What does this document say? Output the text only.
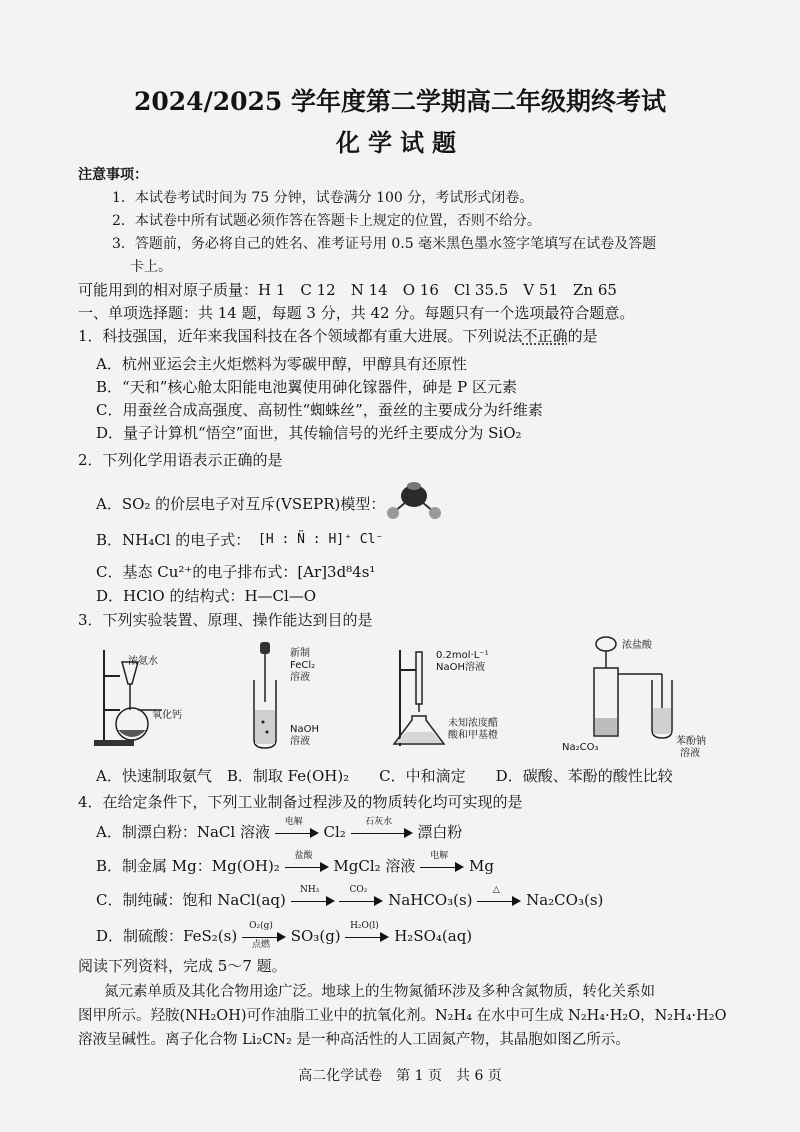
2024/2025 学年度第二学期高二年级期终考试
化学试题
注意事项：
1．本试卷考试时间为 75 分钟，试卷满分 100 分，考试形式闭卷。
2．本试卷中所有试题必须作答在答题卡上规定的位置，否则不给分。
3．答题前，务必将自己的姓名、准考证号用 0.5 毫米黑色墨水签字笔填写在试卷及答题
卡上。
可能用到的相对原子质量：H 1　C 12　N 14　O 16　Cl 35.5　V 51　Zn 65
一、单项选择题：共 14 题，每题 3 分，共 42 分。每题只有一个选项最符合题意。
1．科技强国，近年来我国科技在各个领域都有重大进展。下列说法不正确的是
A．杭州亚运会主火炬燃料为零碳甲醇，甲醇具有还原性
B．“天和”核心舱太阳能电池翼使用砷化镓器件，砷是 P 区元素
C．用蚕丝合成高强度、高韧性“蜘蛛丝”，蚕丝的主要成分为纤维素
D．量子计算机“悟空”面世，其传输信号的光纤主要成分为 SiO₂
2．下列化学用语表示正确的是
A．SO₂ 的价层电子对互斥(VSEPR)模型：
B．NH₄Cl 的电子式： [H : N̈ : H]⁺ Cl⁻
C．基态 Cu²⁺的电子排布式：[Ar]3d⁸4s¹
D．HClO 的结构式：H—Cl—O
3．下列实验装置、原理、操作能达到目的是
浓氨水
氧化钙
新制
FeCl₂
溶液
NaOH
溶液
0.2mol·L⁻¹
NaOH溶液
未知浓度醋
酸和甲基橙
浓盐酸
Na₂CO₃
苯酚钠
溶液
A．快速制取氨气　B．制取 Fe(OH)₂　　C．中和滴定　　D．碳酸、苯酚的酸性比较
4．在给定条件下，下列工业制备过程涉及的物质转化均可实现的是
A．制漂白粉：NaCl 溶液
电解
Cl₂
石灰水
漂白粉
B．制金属 Mg：Mg(OH)₂
盐酸
MgCl₂ 溶液
电解
Mg
C．制纯碱：饱和 NaCl(aq)
NH₃
	CO₂
NaHCO₃(s)
△
Na₂CO₃(s)
D．制硫酸：FeS₂(s)
O₂(g)
点燃	SO₃(g)
H₂O(l)
H₂SO₄(aq)
阅读下列资料，完成 5～7 题。
氮元素单质及其化合物用途广泛。地球上的生物氮循环涉及多种含氮物质，转化关系如
图甲所示。羟胺(NH₂OH)可作油脂工业中的抗氧化剂。N₂H₄ 在水中可生成 N₂H₄·H₂O，N₂H₄·H₂O
溶液呈碱性。离子化合物 Li₂CN₂ 是一种高活性的人工固氮产物，其晶胞如图乙所示。
高二化学试卷　第 1 页　共 6 页
